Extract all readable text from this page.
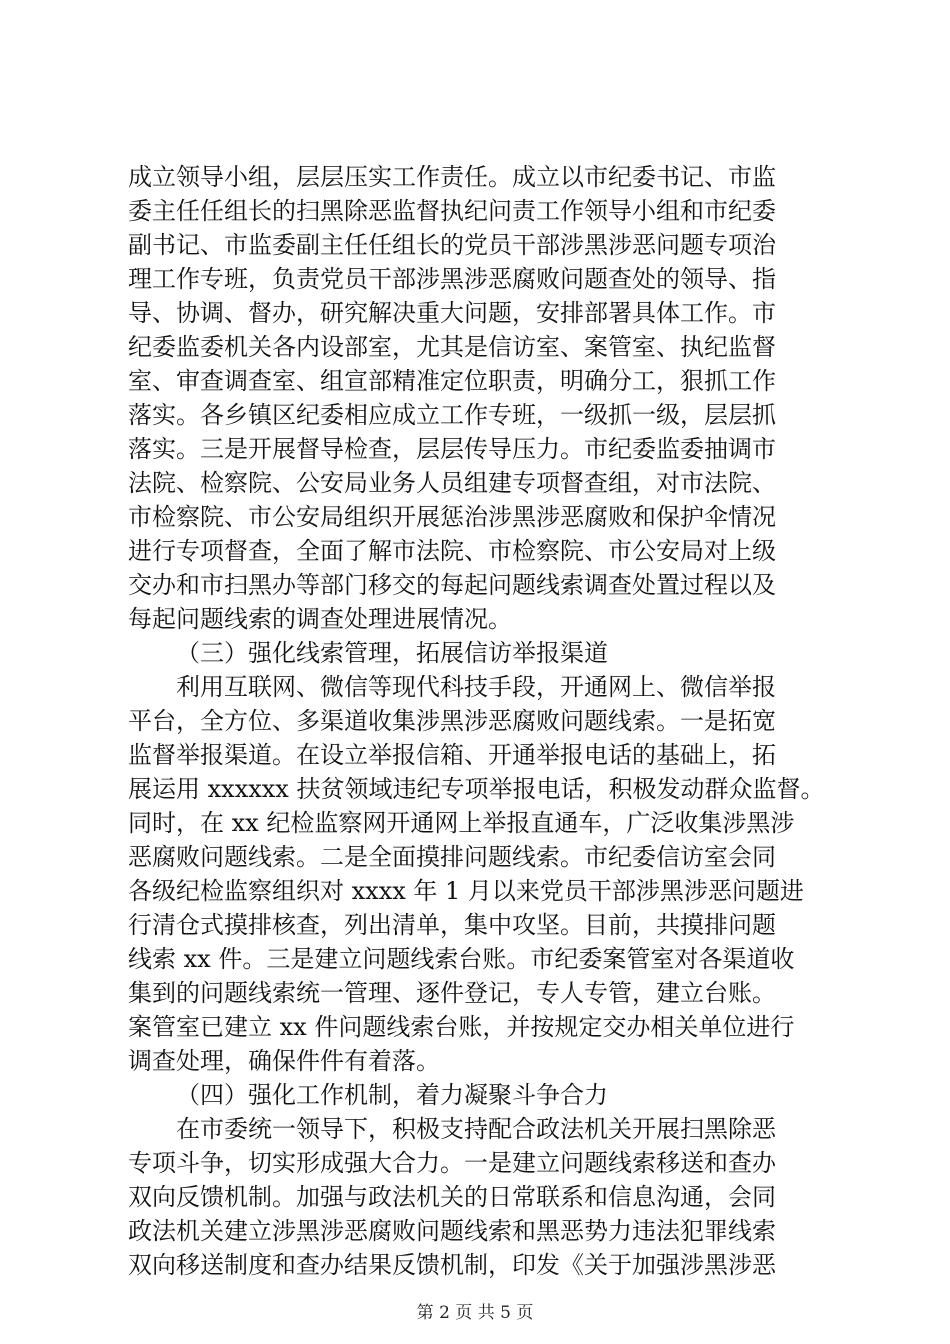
成立领导小组，层层压实工作责任。成立以市纪委书记、市监
委主任任组长的扫黑除恶监督执纪问责工作领导小组和市纪委
副书记、市监委副主任任组长的党员干部涉黑涉恶问题专项治
理工作专班，负责党员干部涉黑涉恶腐败问题查处的领导、指
导、协调、督办，研究解决重大问题，安排部署具体工作。市
纪委监委机关各内设部室，尤其是信访室、案管室、执纪监督
室、审查调查室、组宣部精准定位职责，明确分工，狠抓工作
落实。各乡镇区纪委相应成立工作专班，一级抓一级，层层抓
落实。三是开展督导检查，层层传导压力。市纪委监委抽调市
法院、检察院、公安局业务人员组建专项督查组，对市法院、
市检察院、市公安局组织开展惩治涉黑涉恶腐败和保护伞情况
进行专项督查，全面了解市法院、市检察院、市公安局对上级
交办和市扫黑办等部门移交的每起问题线索调查处置过程以及
每起问题线索的调查处理进展情况。
（三）强化线索管理，拓展信访举报渠道
利用互联网、微信等现代科技手段，开通网上、微信举报
平台，全方位、多渠道收集涉黑涉恶腐败问题线索。一是拓宽
监督举报渠道。在设立举报信箱、开通举报电话的基础上，拓
展运用 xxxxxx 扶贫领域违纪专项举报电话，积极发动群众监督。
同时，在 xx 纪检监察网开通网上举报直通车，广泛收集涉黑涉
恶腐败问题线索。二是全面摸排问题线索。市纪委信访室会同
各级纪检监察组织对 xxxx 年 1 月以来党员干部涉黑涉恶问题进
行清仓式摸排核查，列出清单，集中攻坚。目前，共摸排问题
线索 xx 件。三是建立问题线索台账。市纪委案管室对各渠道收
集到的问题线索统一管理、逐件登记，专人专管，建立台账。
案管室已建立 xx 件问题线索台账，并按规定交办相关单位进行
调查处理，确保件件有着落。
（四）强化工作机制，着力凝聚斗争合力
在市委统一领导下，积极支持配合政法机关开展扫黑除恶
专项斗争，切实形成强大合力。一是建立问题线索移送和查办
双向反馈机制。加强与政法机关的日常联系和信息沟通，会同
政法机关建立涉黑涉恶腐败问题线索和黑恶势力违法犯罪线索
双向移送制度和查办结果反馈机制，印发《关于加强涉黑涉恶
第 2 页 共 5 页
